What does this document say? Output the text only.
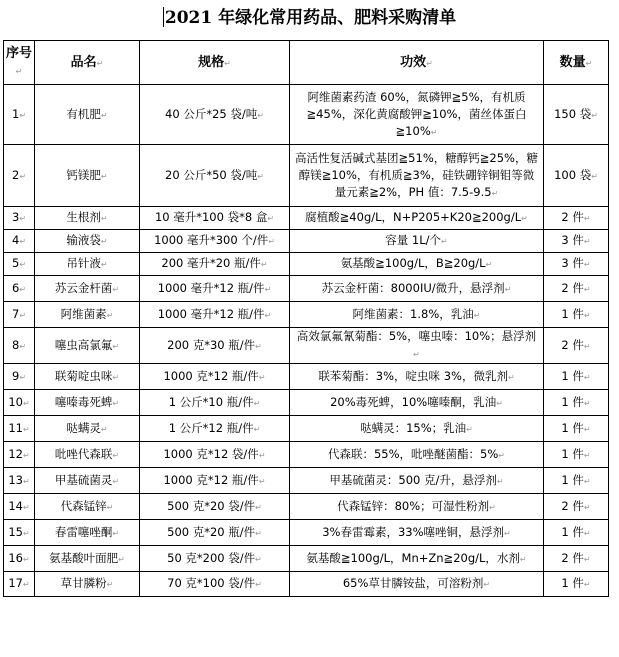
2021 年绿化常用药品、肥料采购清单
序号↵	品名↵	规格↵	功效↵	数量↵
1↵	有机肥↵	40 公斤*25 袋/吨↵	阿维菌素药渣 60%，氮磷钾≧5%，有机质≧45%，深化黄腐酸钾≧10%，菌丝体蛋白≧10%↵	150 袋↵
2↵	钙镁肥↵	20 公斤*50 袋/吨↵	高活性复活碱式基团≧51%，糖醇钙≧25%，糖醇镁≧10%，有机质≧3%，硅铁硼锌铜钼等微量元素≧2%，PH 值：7.5-9.5↵	100 袋↵
3↵	生根剂↵	10 毫升*100 袋*8 盒↵	腐植酸≧40g/L，N+P205+K20≧200g/L↵	2 件↵
4↵	输液袋↵	1000 毫升*300 个/件↵	容量 1L/个↵	3 件↵
5↵	吊针液↵	200 毫升*20 瓶/件↵	氨基酸≧100g/L，B≧20g/L↵	3 件↵
6↵	苏云金杆菌↵	1000 毫升*12 瓶/件↵	苏云金杆菌：8000IU/微升，悬浮剂↵	2 件↵
7↵	阿维菌素↵	1000 毫升*12 瓶/件↵	阿维菌素：1.8%，乳油↵	1 件↵
8↵	噻虫高氯氟↵	200 克*30 瓶/件↵	高效氯氟氰菊酯：5%，噻虫嗪：10%；悬浮剂↵	2 件↵
9↵	联菊啶虫咪↵	1000 克*12 瓶/件↵	联苯菊酯：3%，啶虫咪 3%，微乳剂↵	1 件↵
10↵	噻嗪毒死蜱↵	1 公斤*10 瓶/件↵	20%毒死蜱，10%噻嗪酮，乳油↵	1 件↵
11↵	哒螨灵↵	1 公斤*12 瓶/件↵	哒螨灵：15%；乳油↵	1 件↵
12↵	吡唑代森联↵	1000 克*12 袋/件↵	代森联：55%，吡唑醚菌酯：5%↵	1 件↵
13↵	甲基硫菌灵↵	1000 克*12 瓶/件↵	甲基硫菌灵：500 克/升，悬浮剂↵	1 件↵
14↵	代森锰锌↵	500 克*20 袋/件↵	代森锰锌：80%；可湿性粉剂↵	2 件↵
15↵	春雷噻唑酮↵	500 克*20 瓶/件↵	3%春雷霉素，33%噻唑铜，悬浮剂↵	1 件↵
16↵	氨基酸叶面肥↵	50 克*200 袋/件↵	氨基酸≧100g/L，Mn+Zn≧20g/L，水剂↵	2 件↵
17↵	草甘膦粉↵	70 克*100 袋/件↵	65%草甘膦铵盐，可溶粉剂↵	1 件↵
